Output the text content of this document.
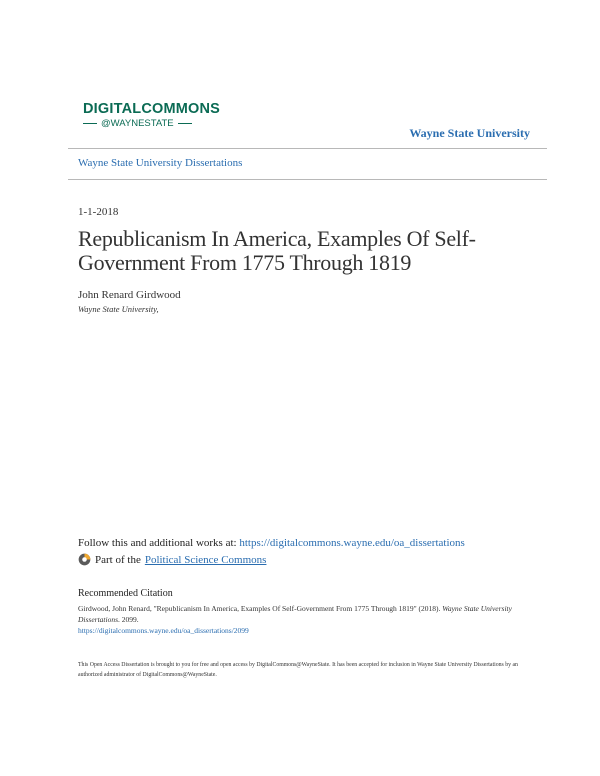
DIGITALCOMMONS
@WAYNESTATE
Wayne State University
Wayne State University Dissertations
1-1-2018
Republicanism In America, Examples Of Self-Government From 1775 Through 1819
John Renard Girdwood
Wayne State University,
Follow this and additional works at: https://digitalcommons.wayne.edu/oa_dissertations
Part of the Political Science Commons
Recommended Citation
Girdwood, John Renard, "Republicanism In America, Examples Of Self-Government From 1775 Through 1819" (2018). Wayne State University Dissertations. 2099.
https://digitalcommons.wayne.edu/oa_dissertations/2099
This Open Access Dissertation is brought to you for free and open access by DigitalCommons@WayneState. It has been accepted for inclusion in Wayne State University Dissertations by an authorized administrator of DigitalCommons@WayneState.
